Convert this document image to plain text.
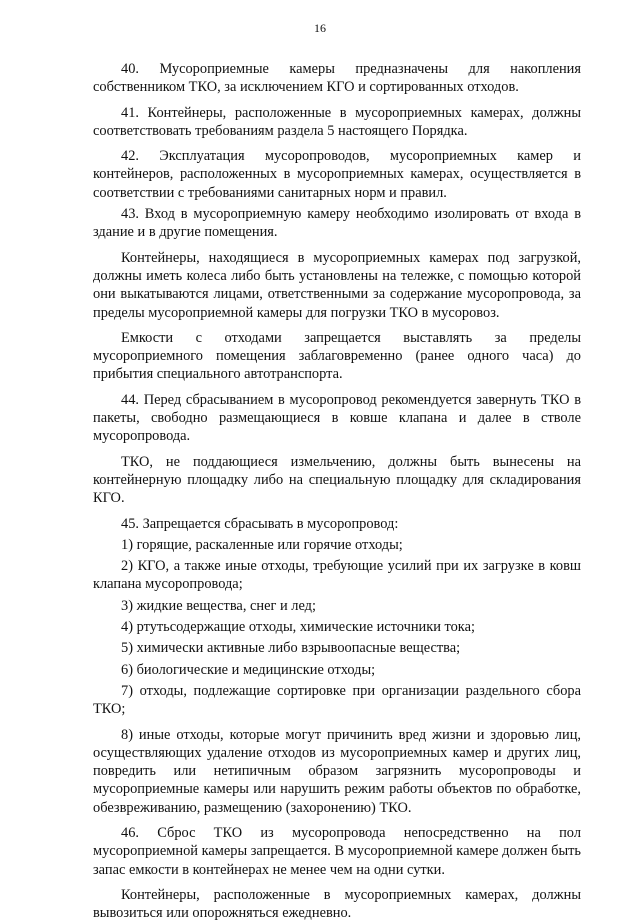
16

40. Мусороприемные камеры предназначены для накопления собственником ТКО, за исключением КГО и сортированных отходов.

41. Контейнеры, расположенные в мусороприемных камерах, должны соответствовать требованиям раздела 5 настоящего Порядка.

42. Эксплуатация мусоропроводов, мусороприемных камер и контейнеров, расположенных в мусороприемных камерах, осуществляется в соответствии с требованиями санитарных норм и правил.

43. Вход в мусороприемную камеру необходимо изолировать от входа в здание и в другие помещения.

Контейнеры, находящиеся в мусороприемных камерах под загрузкой, должны иметь колеса либо быть установлены на тележке, с помощью которой они выкатываются лицами, ответственными за содержание мусоропровода, за пределы мусороприемной камеры для погрузки ТКО в мусоровоз.

Емкости с отходами запрещается выставлять за пределы мусороприемного помещения заблаговременно (ранее одного часа) до прибытия специального автотранспорта.

44. Перед сбрасыванием в мусоропровод рекомендуется завернуть ТКО в пакеты, свободно размещающиеся в ковше клапана и далее в стволе мусоропровода.

ТКО, не поддающиеся измельчению, должны быть вынесены на контейнерную площадку либо на специальную площадку для складирования КГО.

45. Запрещается сбрасывать в мусоропровод:

1) горящие, раскаленные или горячие отходы;

2) КГО, а также иные отходы, требующие усилий при их загрузке в ковш клапана мусоропровода;

3) жидкие вещества, снег и лед;

4) ртутьсодержащие отходы, химические источники тока;

5) химически активные либо взрывоопасные вещества;

6) биологические и медицинские отходы;

7) отходы, подлежащие сортировке при организации раздельного сбора ТКО;

8) иные отходы, которые могут причинить вред жизни и здоровью лиц, осуществляющих удаление отходов из мусороприемных камер и других лиц, повредить или нетипичным образом загрязнить мусоропроводы и мусороприемные камеры или нарушить режим работы объектов по обработке, обезвреживанию, размещению (захоронению) ТКО.

46. Сброс ТКО из мусоропровода непосредственно на пол мусороприемной камеры запрещается. В мусороприемной камере должен быть запас емкости в контейнерах не менее чем на одни сутки.

Контейнеры, расположенные в мусороприемных камерах, должны вывозиться или опорожняться ежедневно.
